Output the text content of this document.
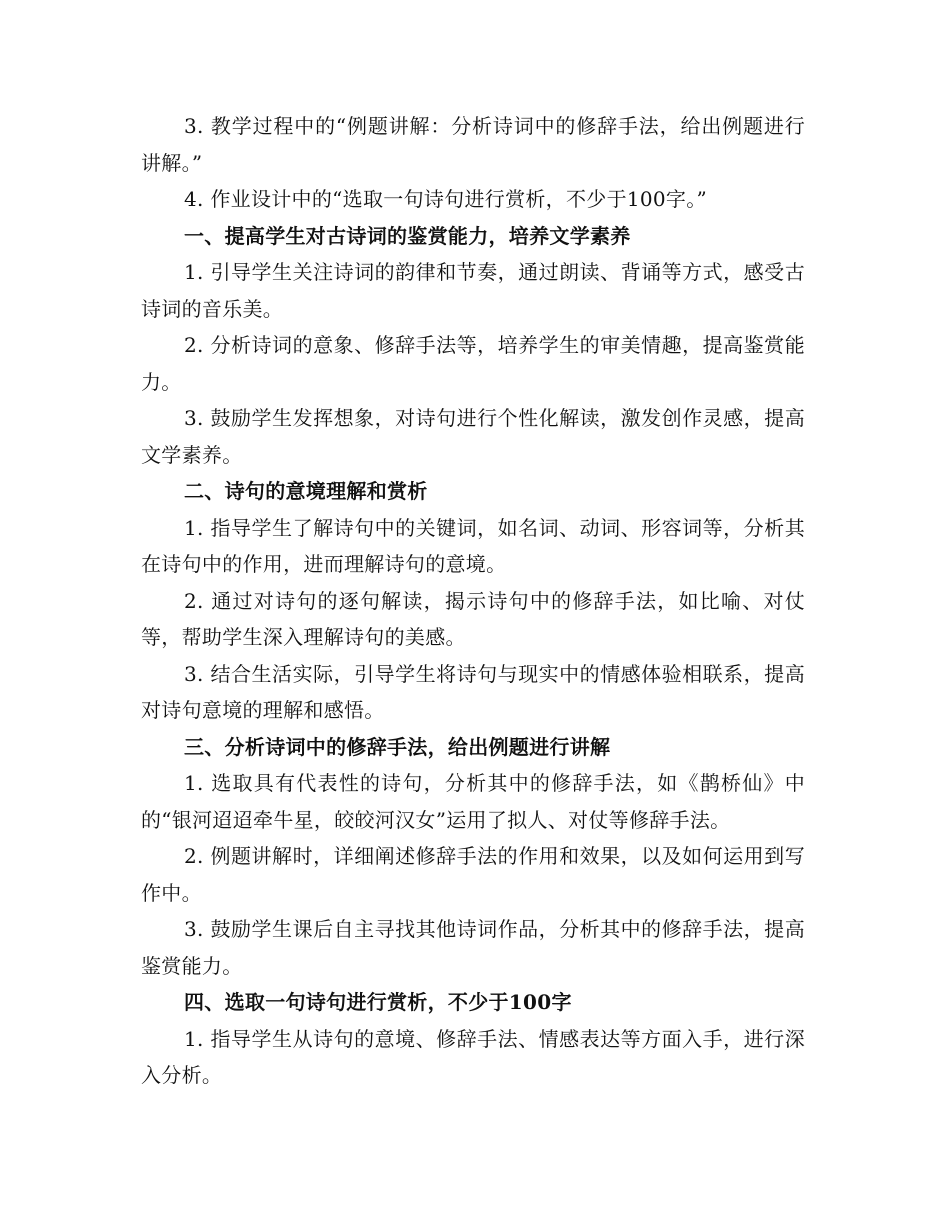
3. 教学过程中的“例题讲解：分析诗词中的修辞手法，给出例题进行讲解。”

4. 作业设计中的“选取一句诗句进行赏析，不少于100字。”

一、提高学生对古诗词的鉴赏能力，培养文学素养

1. 引导学生关注诗词的韵律和节奏，通过朗读、背诵等方式，感受古诗词的音乐美。

2. 分析诗词的意象、修辞手法等，培养学生的审美情趣，提高鉴赏能力。

3. 鼓励学生发挥想象，对诗句进行个性化解读，激发创作灵感，提高文学素养。

二、诗句的意境理解和赏析

1. 指导学生了解诗句中的关键词，如名词、动词、形容词等，分析其在诗句中的作用，进而理解诗句的意境。

2. 通过对诗句的逐句解读，揭示诗句中的修辞手法，如比喻、对仗等，帮助学生深入理解诗句的美感。

3. 结合生活实际，引导学生将诗句与现实中的情感体验相联系，提高对诗句意境的理解和感悟。

三、分析诗词中的修辞手法，给出例题进行讲解

1. 选取具有代表性的诗句，分析其中的修辞手法，如《鹊桥仙》中的“银河迢迢牵牛星，皎皎河汉女”运用了拟人、对仗等修辞手法。

2. 例题讲解时，详细阐述修辞手法的作用和效果，以及如何运用到写作中。

3. 鼓励学生课后自主寻找其他诗词作品，分析其中的修辞手法，提高鉴赏能力。

四、选取一句诗句进行赏析，不少于100字

1. 指导学生从诗句的意境、修辞手法、情感表达等方面入手，进行深入分析。
